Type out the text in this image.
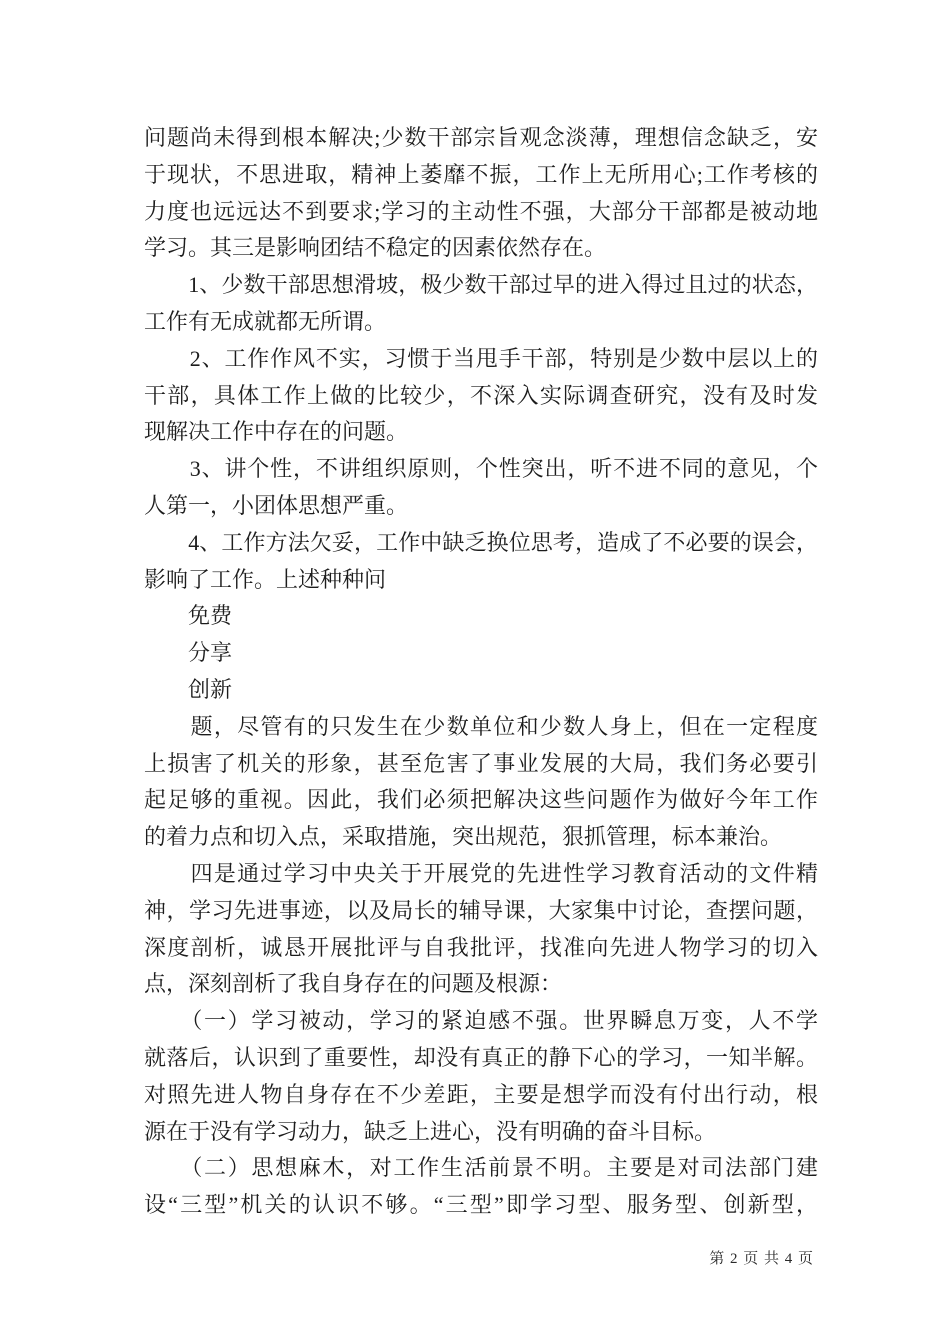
问题尚未得到根本解决;少数干部宗旨观念淡薄，理想信念缺乏，安
于现状，不思进取，精神上萎靡不振，工作上无所用心;工作考核的
力度也远远达不到要求;学习的主动性不强，大部分干部都是被动地
学习。其三是影响团结不稳定的因素依然存在。
　　1、少数干部思想滑坡，极少数干部过早的进入得过且过的状态，
工作有无成就都无所谓。
　　2、工作作风不实，习惯于当甩手干部，特别是少数中层以上的
干部，具体工作上做的比较少，不深入实际调查研究，没有及时发
现解决工作中存在的问题。
　　3、讲个性，不讲组织原则，个性突出，听不进不同的意见，个
人第一，小团体思想严重。
　　4、工作方法欠妥，工作中缺乏换位思考，造成了不必要的误会，
影响了工作。上述种种问
　　免费
　　分享
　　创新
　　题，尽管有的只发生在少数单位和少数人身上，但在一定程度
上损害了机关的形象，甚至危害了事业发展的大局，我们务必要引
起足够的重视。因此，我们必须把解决这些问题作为做好今年工作
的着力点和切入点，采取措施，突出规范，狠抓管理，标本兼治。
　　四是通过学习中央关于开展党的先进性学习教育活动的文件精
神，学习先进事迹，以及局长的辅导课，大家集中讨论，查摆问题，
深度剖析，诚恳开展批评与自我批评，找准向先进人物学习的切入
点，深刻剖析了我自身存在的问题及根源：
　　（一）学习被动，学习的紧迫感不强。世界瞬息万变，人不学
就落后，认识到了重要性，却没有真正的静下心的学习，一知半解。
对照先进人物自身存在不少差距，主要是想学而没有付出行动，根
源在于没有学习动力，缺乏上进心，没有明确的奋斗目标。
　　（二）思想麻木，对工作生活前景不明。主要是对司法部门建
设“三型”机关的认识不够。“三型”即学习型、服务型、创新型，
第 2 页 共 4 页
